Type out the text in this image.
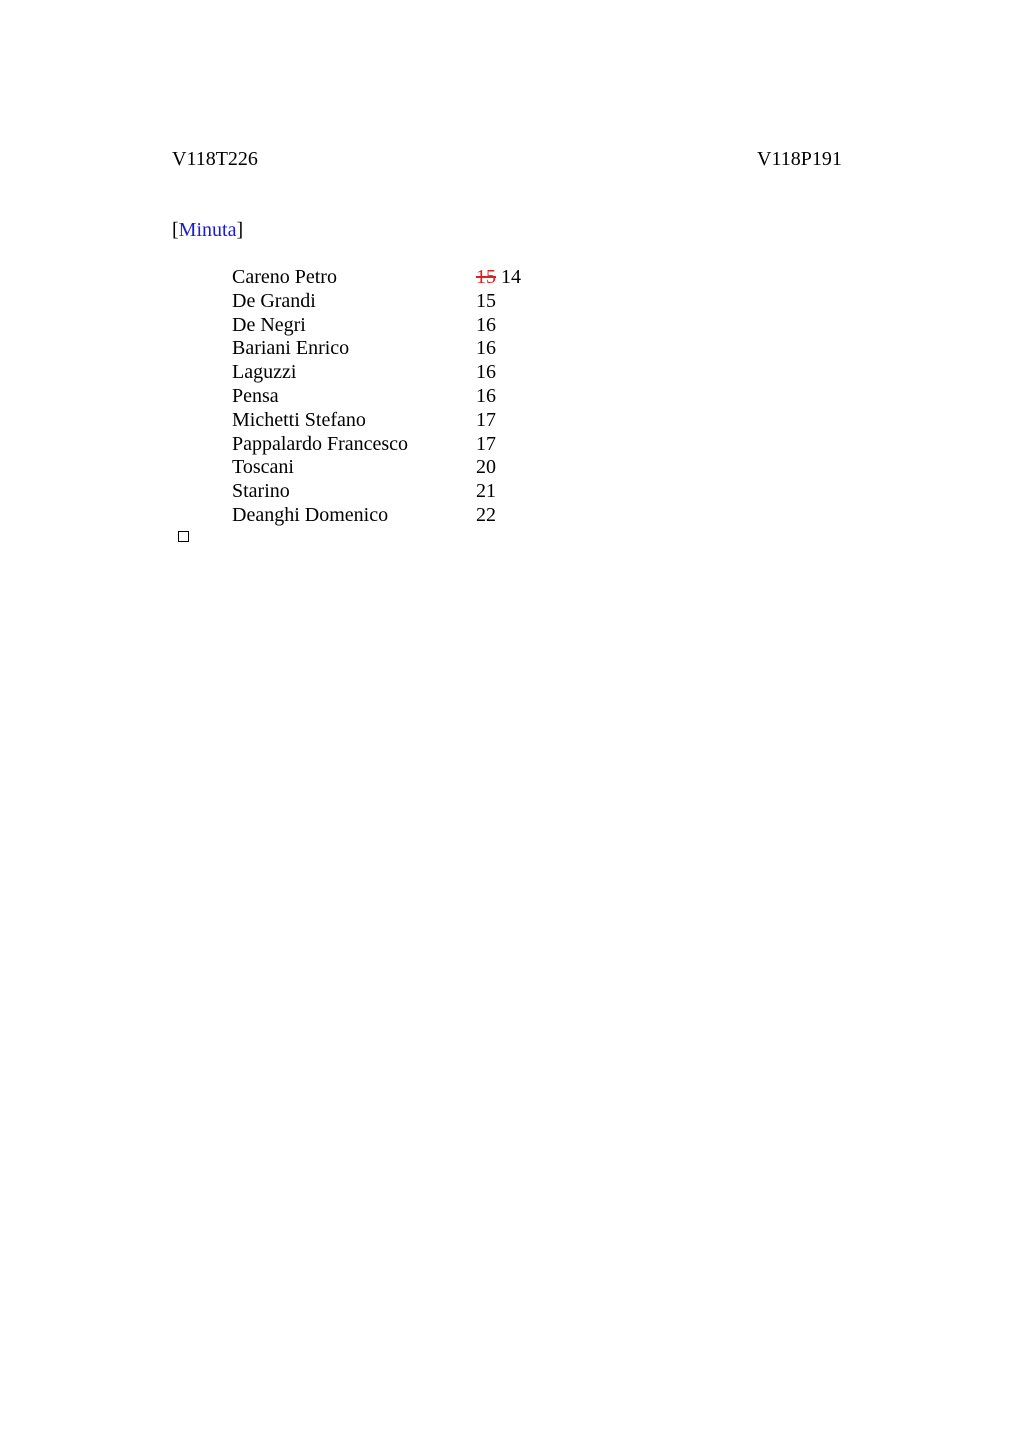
V118T226	V118P191
[Minuta]
Careno Petro	15 14
De Grandi	15
De Negri	16
Bariani Enrico	16
Laguzzi	16
Pensa	16
Michetti Stefano	17
Pappalardo Francesco	17
Toscani	20
Starino	21
Deanghi Domenico	22
